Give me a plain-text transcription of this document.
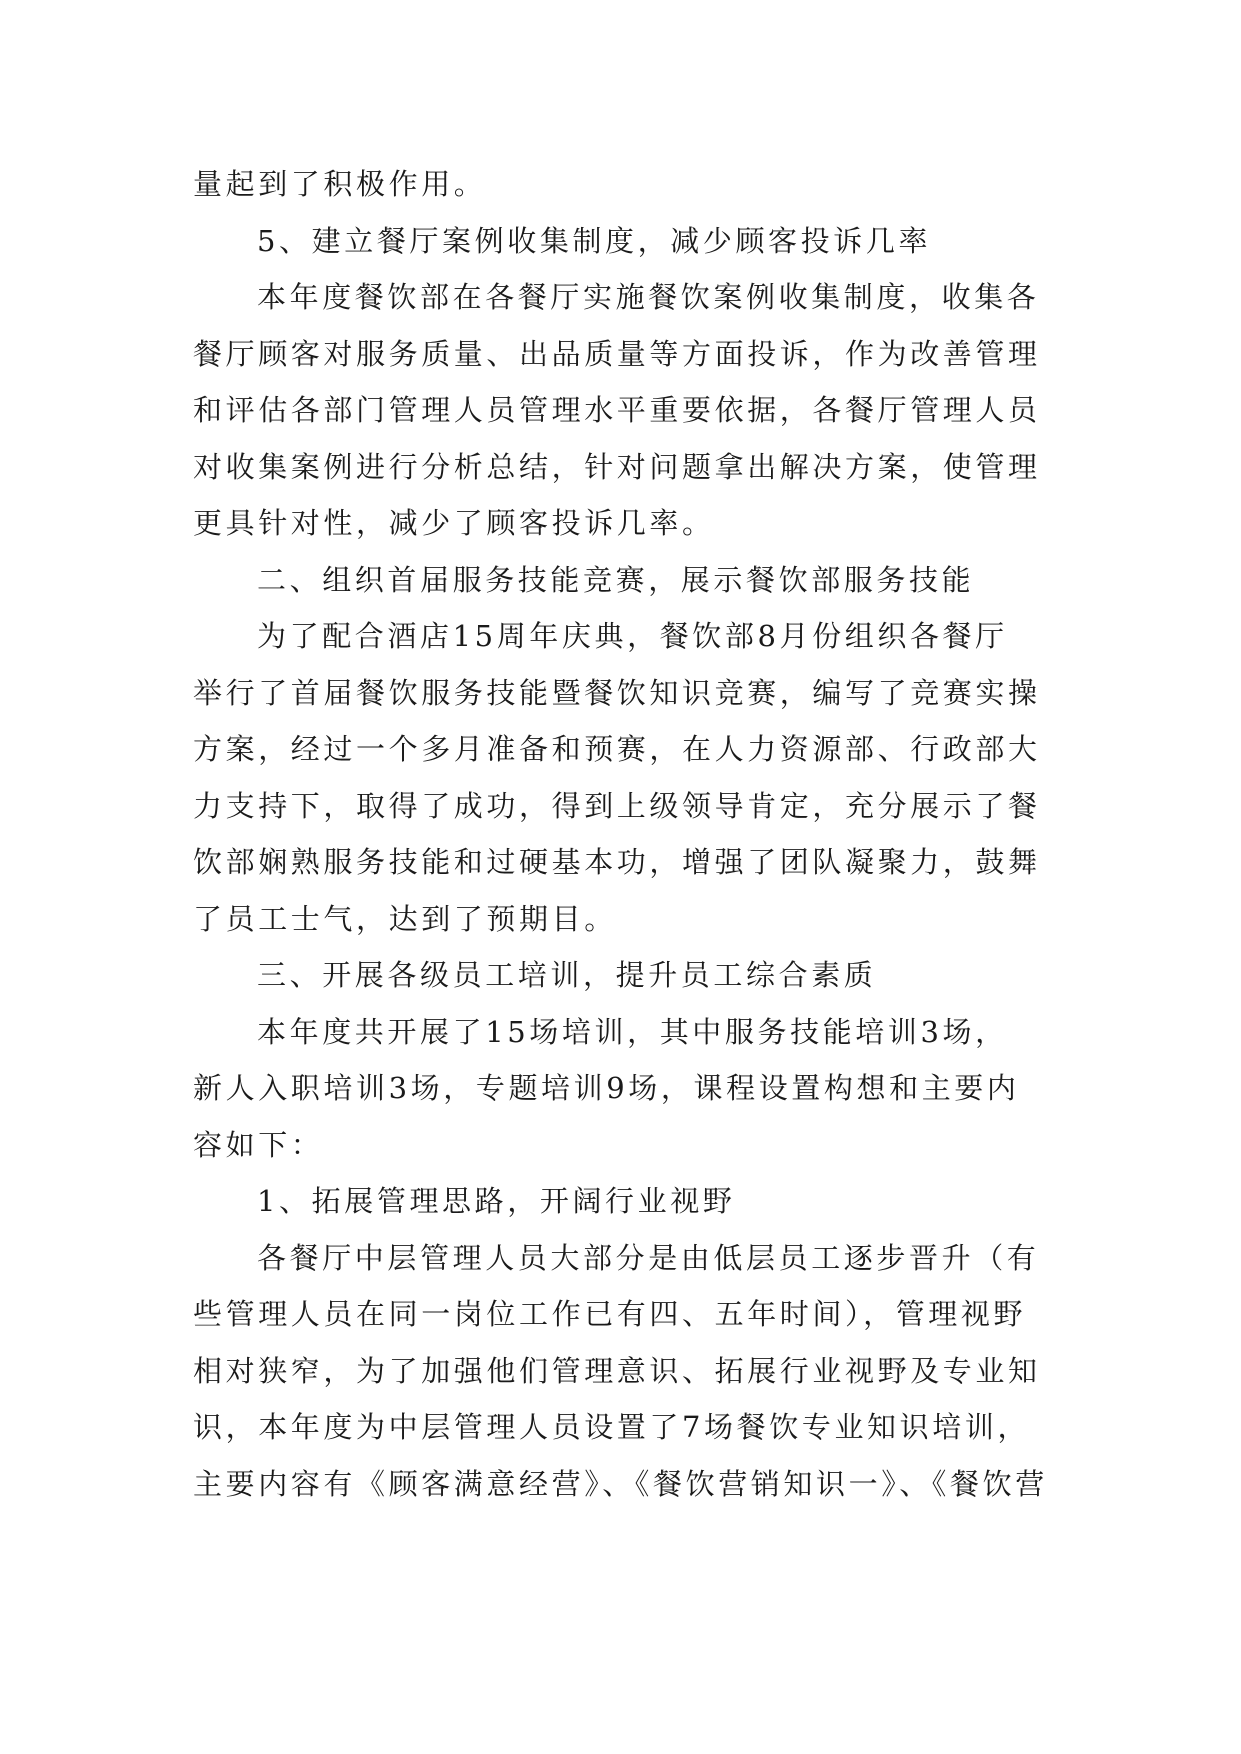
量起到了积极作用。
5、建立餐厅案例收集制度，减少顾客投诉几率
本年度餐饮部在各餐厅实施餐饮案例收集制度，收集各
餐厅顾客对服务质量、出品质量等方面投诉，作为改善管理
和评估各部门管理人员管理水平重要依据，各餐厅管理人员
对收集案例进行分析总结，针对问题拿出解决方案，使管理
更具针对性，减少了顾客投诉几率。
二、组织首届服务技能竞赛，展示餐饮部服务技能
为了配合酒店15周年庆典，餐饮部8月份组织各餐厅
举行了首届餐饮服务技能暨餐饮知识竞赛，编写了竞赛实操
方案，经过一个多月准备和预赛，在人力资源部、行政部大
力支持下，取得了成功，得到上级领导肯定，充分展示了餐
饮部娴熟服务技能和过硬基本功，增强了团队凝聚力，鼓舞
了员工士气，达到了预期目。
三、开展各级员工培训，提升员工综合素质
本年度共开展了15场培训，其中服务技能培训3场，
新人入职培训3场，专题培训9场，课程设置构想和主要内
容如下：
1、拓展管理思路，开阔行业视野
各餐厅中层管理人员大部分是由低层员工逐步晋升（有
些管理人员在同一岗位工作已有四、五年时间），管理视野
相对狭窄，为了加强他们管理意识、拓展行业视野及专业知
识，本年度为中层管理人员设置了7场餐饮专业知识培训，
主要内容有《顾客满意经营》、《餐饮营销知识一》、《餐饮营
